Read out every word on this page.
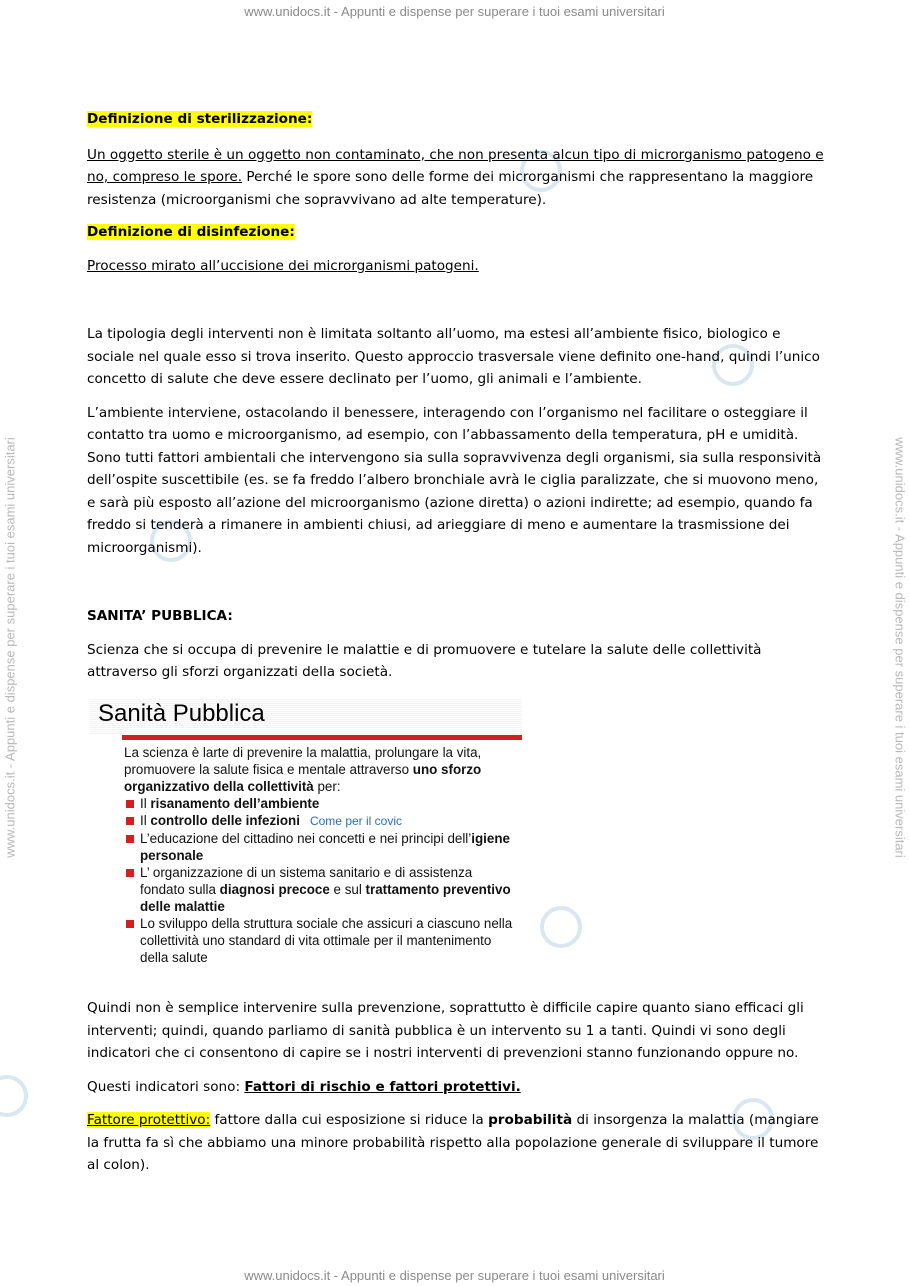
www.unidocs.it - Appunti e dispense per superare i tuoi esami universitari
www.unidocs.it - Appunti e dispense per superare i tuoi esami universitari
www.unidocs.it - Appunti e dispense per superare i tuoi esami universitari	www.unidocs.it - Appunti e dispense per superare i tuoi esami universitari

Definizione di sterilizzazione:

Un oggetto sterile è un oggetto non contaminato, che non presenta alcun tipo di microrganismo patogeno e no, compreso le spore. Perché le spore sono delle forme dei microrganismi che rappresentano la maggiore resistenza (microorganismi che sopravvivano ad alte temperature).

Definizione di disinfezione:

Processo mirato all’uccisione dei microrganismi patogeni.

La tipologia degli interventi non è limitata soltanto all’uomo, ma estesi all’ambiente fisico, biologico e sociale nel quale esso si trova inserito. Questo approccio trasversale viene definito one-hand, quindi l’unico concetto di salute che deve essere declinato per l’uomo, gli animali e l’ambiente.

L’ambiente interviene, ostacolando il benessere, interagendo con l’organismo nel facilitare o osteggiare il contatto tra uomo e microorganismo, ad esempio, con l’abbassamento della temperatura, pH e umidità. Sono tutti fattori ambientali che intervengono sia sulla sopravvivenza degli organismi, sia sulla responsività dell’ospite suscettibile (es. se fa freddo l’albero bronchiale avrà le ciglia paralizzate, che si muovono meno, e sarà più esposto all’azione del microorganismo (azione diretta) o azioni indirette; ad esempio, quando fa freddo si tenderà a rimanere in ambienti chiusi, ad arieggiare di meno e aumentare la trasmissione dei microorganismi).

SANITA’ PUBBLICA:

Scienza che si occupa di prevenire le malattie e di promuovere e tutelare la salute delle collettività attraverso gli sforzi organizzati della società.

Sanità Pubblica

La scienza è larte di prevenire la malattia, prolungare la vita, promuovere la salute fisica e mentale attraverso uno sforzo organizzativo della collettività per:

Il risanamento dell’ambiente
Il controllo delle infezioni Come per il covic
L’educazione del cittadino nei concetti e nei principi dell’igiene personale
L’ organizzazione di un sistema sanitario e di assistenza fondato sulla diagnosi precoce e sul trattamento preventivo delle malattie
Lo sviluppo della struttura sociale che assicuri a ciascuno nella collettività uno standard di vita ottimale per il mantenimento della salute

Quindi non è semplice intervenire sulla prevenzione, soprattutto è difficile capire quanto siano efficaci gli interventi; quindi, quando parliamo di sanità pubblica è un intervento su 1 a tanti. Quindi vi sono degli indicatori che ci consentono di capire se i nostri interventi di prevenzioni stanno funzionando oppure no.

Questi indicatori sono: Fattori di rischio e fattori protettivi.

Fattore protettivo: fattore dalla cui esposizione si riduce la probabilità di insorgenza la malattia (mangiare la frutta fa sì che abbiamo una minore probabilità rispetto alla popolazione generale di sviluppare il tumore al colon).
